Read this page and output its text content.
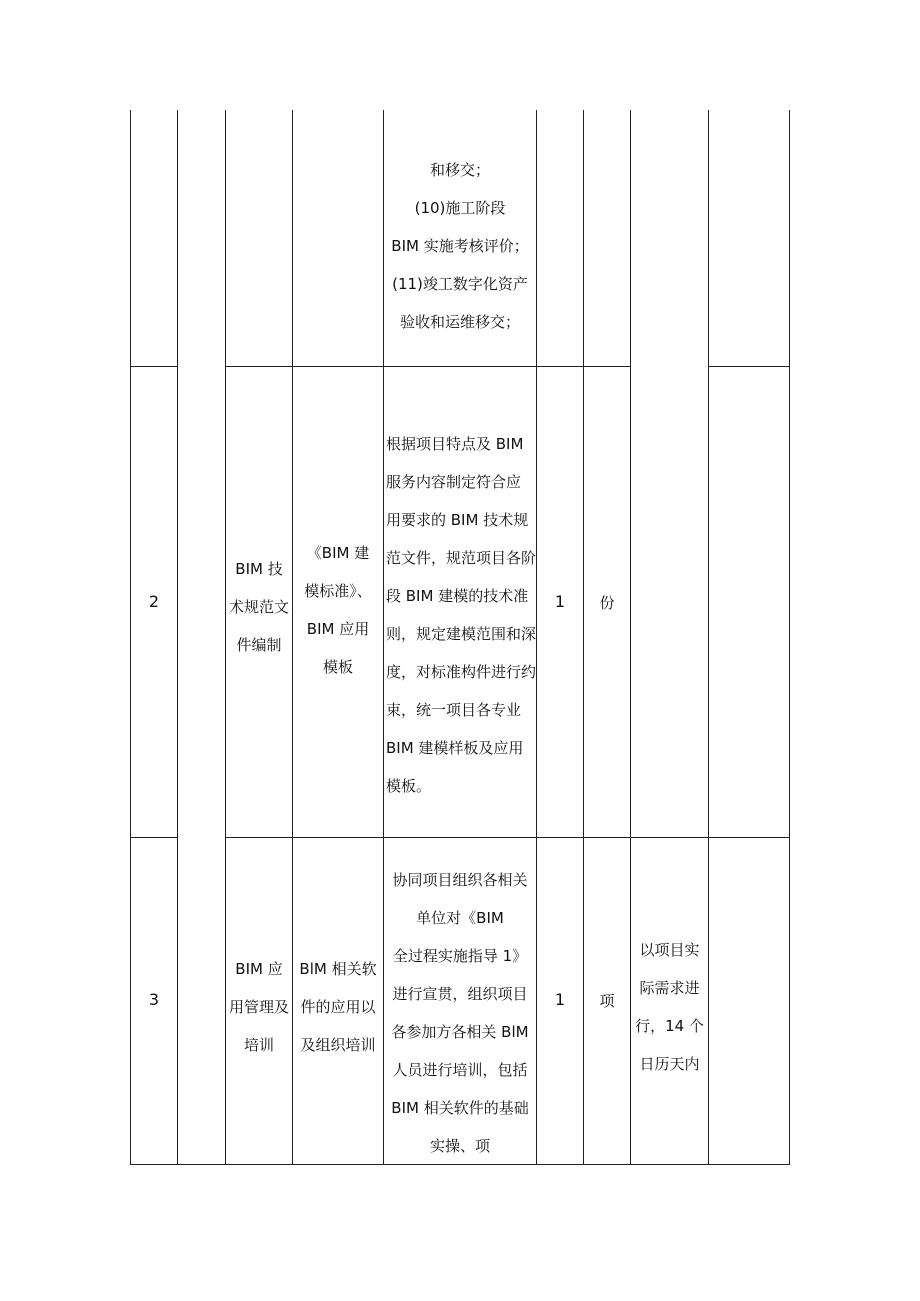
和移交；
(10)施工阶段
BIM 实施考核评价；
(11)竣工数字化资产
验收和运维移交；
2
BIM 技
术规范文
件编制
《BIM 建
模标准》、
BIM 应用
模板
根据项目特点及 BIM
服务内容制定符合应
用要求的 BIM 技术规
范文件，规范项目各阶
段 BIM 建模的技术准
则，规定建模范围和深
度，对标准构件进行约
束，统一项目各专业
BIM 建模样板及应用
模板。
1	份
3
BIM 应
用管理及
培训
BlM 相关软
件的应用以
及组织培训
协同项目组织各相关
单位对《BIM
全过程实施指导 1》
进行宣贯，组织项目
各参加方各相关 BlM
人员进行培训，包括
BIM 相关软件的基础
实操、项
1	项
以项目实
际需求进
行，14 个
日历天内
